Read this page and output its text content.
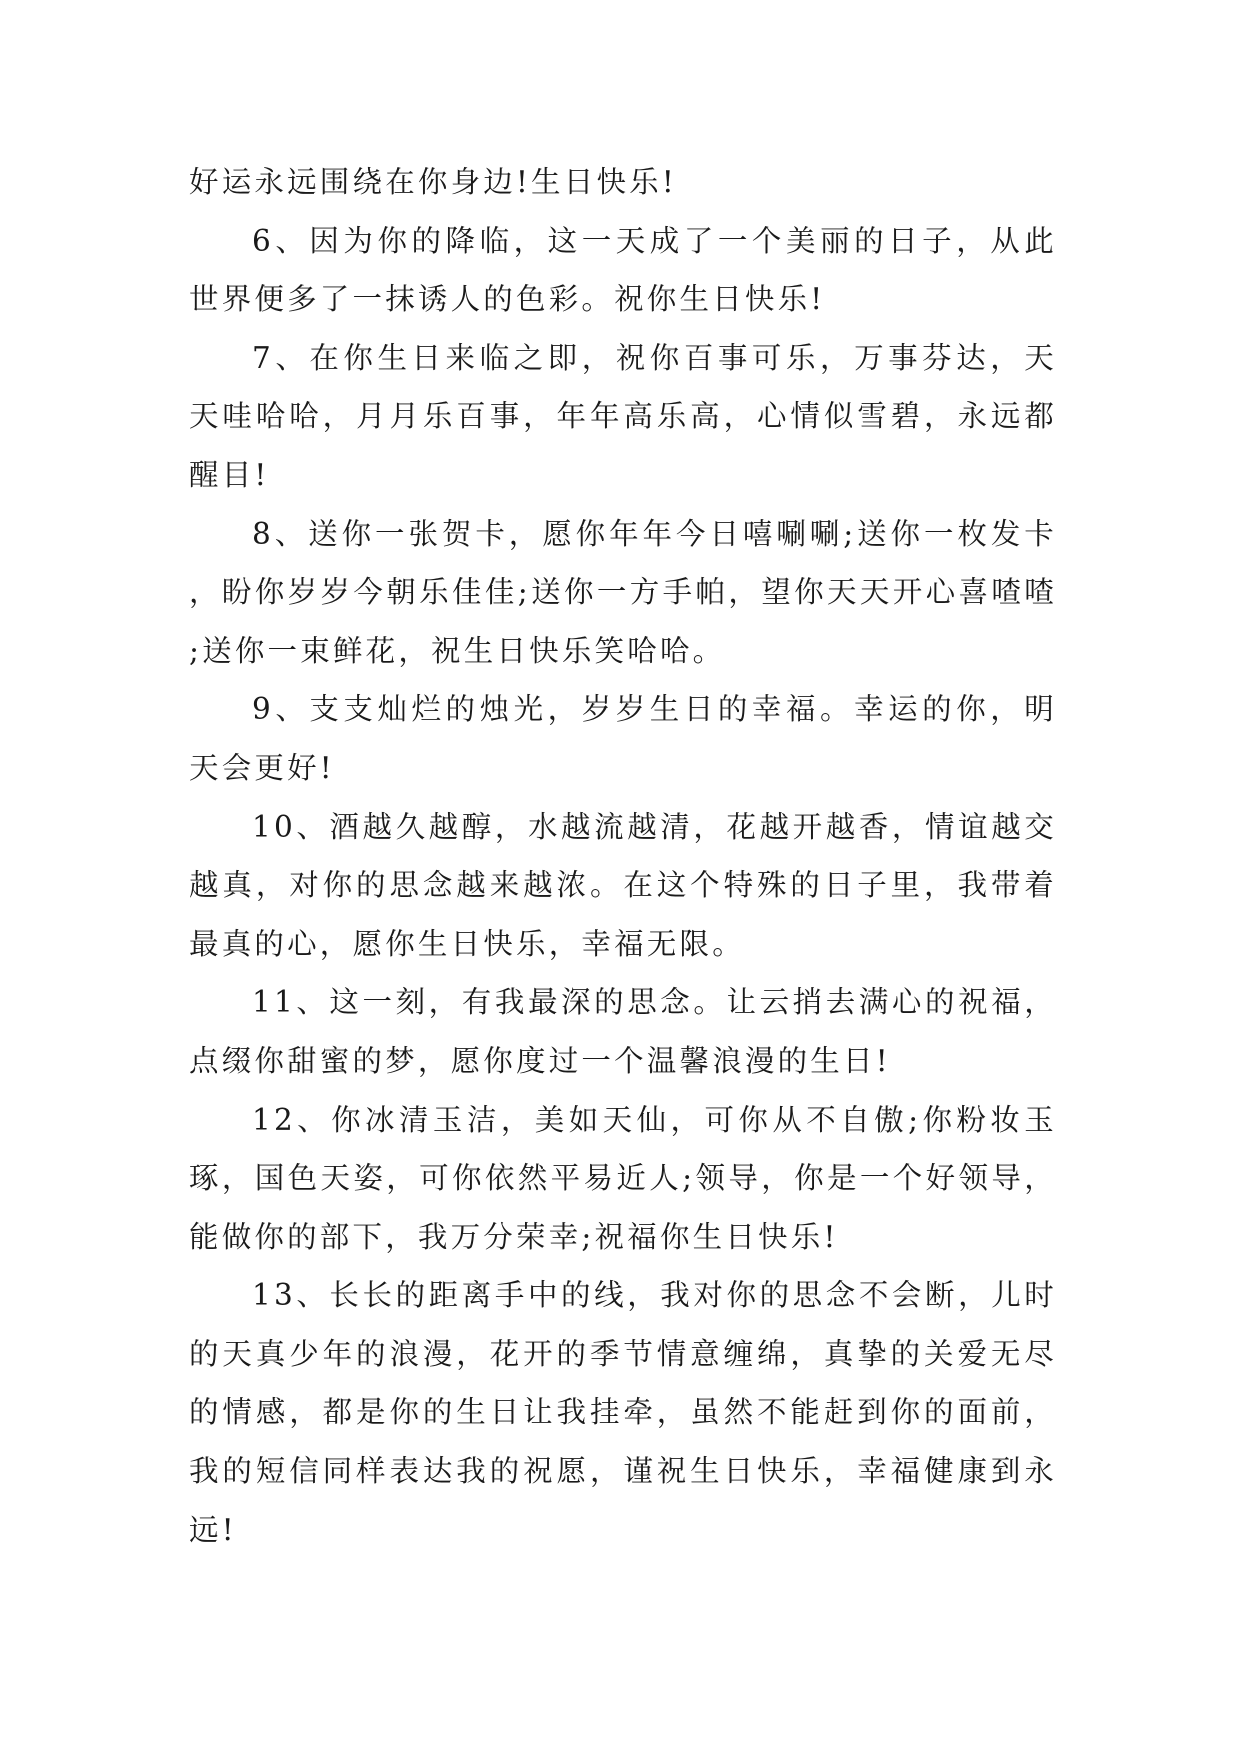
好运永远围绕在你身边!生日快乐!

6、因为你的降临，这一天成了一个美丽的日子，从此世界便多了一抹诱人的色彩。祝你生日快乐!

7、在你生日来临之即，祝你百事可乐，万事芬达，天天哇哈哈，月月乐百事，年年高乐高，心情似雪碧，永远都醒目!

8、送你一张贺卡，愿你年年今日嘻唰唰;送你一枚发卡，盼你岁岁今朝乐佳佳;送你一方手帕，望你天天开心喜喳喳;送你一束鲜花，祝生日快乐笑哈哈。

9、支支灿烂的烛光，岁岁生日的幸福。幸运的你，明天会更好!

10、酒越久越醇，水越流越清，花越开越香，情谊越交越真，对你的思念越来越浓。在这个特殊的日子里，我带着最真的心，愿你生日快乐，幸福无限。

11、这一刻，有我最深的思念。让云捎去满心的祝福，点缀你甜蜜的梦，愿你度过一个温馨浪漫的生日!

12、你冰清玉洁，美如天仙，可你从不自傲;你粉妆玉琢，国色天姿，可你依然平易近人;领导，你是一个好领导，能做你的部下，我万分荣幸;祝福你生日快乐!

13、长长的距离手中的线，我对你的思念不会断，儿时的天真少年的浪漫，花开的季节情意缠绵，真挚的关爱无尽的情感，都是你的生日让我挂牵，虽然不能赶到你的面前，我的短信同样表达我的祝愿，谨祝生日快乐，幸福健康到永远!
